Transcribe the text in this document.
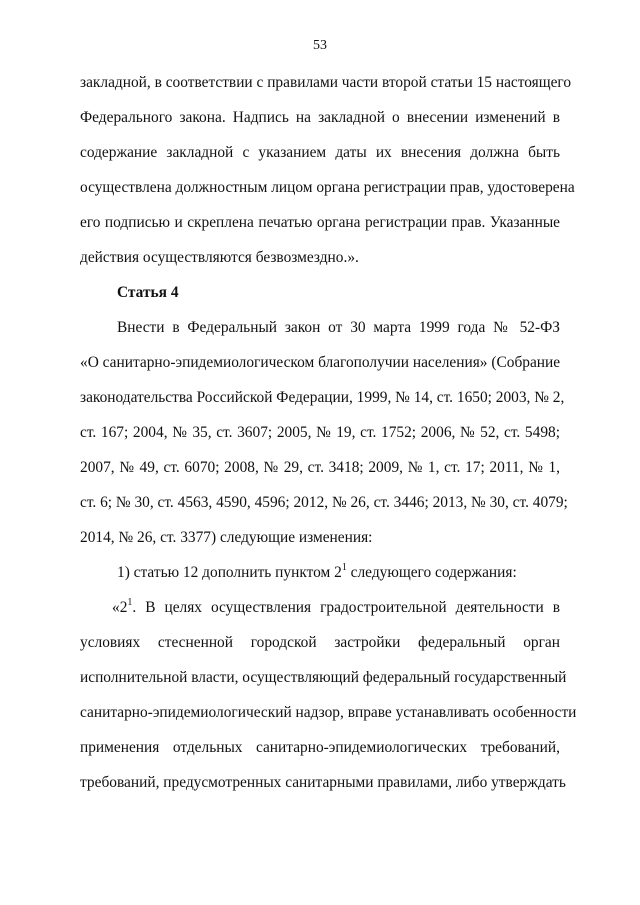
53
закладной, в соответствии с правилами части второй статьи 15 настоящего
Федерального закона. Надпись на закладной о внесении изменений в
содержание закладной с указанием даты их внесения должна быть
осуществлена должностным лицом органа регистрации прав, удостоверена
его подписью и скреплена печатью органа регистрации прав. Указанные
действия осуществляются безвозмездно.».
Статья 4
Внести в Федеральный закон от 30 марта 1999 года № 52-ФЗ
«О санитарно-эпидемиологическом благополучии населения» (Собрание
законодательства Российской Федерации, 1999, № 14, ст. 1650; 2003, № 2,
ст. 167; 2004, № 35, ст. 3607; 2005, № 19, ст. 1752; 2006, № 52, ст. 5498;
2007, № 49, ст. 6070; 2008, № 29, ст. 3418; 2009, № 1, ст. 17; 2011, № 1,
ст. 6; № 30, ст. 4563, 4590, 4596; 2012, № 26, ст. 3446; 2013, № 30, ст. 4079;
2014, № 26, ст. 3377) следующие изменения:
1) статью 12 дополнить пунктом $2^1$ следующего содержания:
«$2^1$. В целях осуществления градостроительной деятельности в
условиях стесненной городской застройки федеральный орган
исполнительной власти, осуществляющий федеральный государственный
санитарно-эпидемиологический надзор, вправе устанавливать особенности
применения отдельных санитарно-эпидемиологических требований,
требований, предусмотренных санитарными правилами, либо утверждать
